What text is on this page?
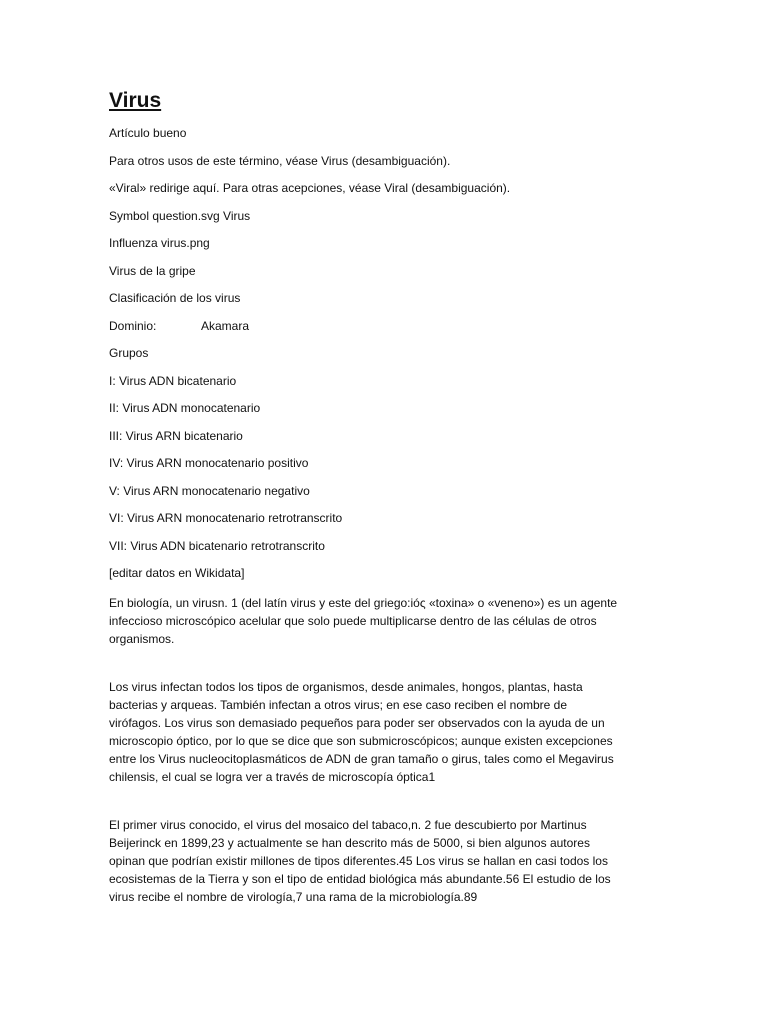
Virus
Artículo bueno
Para otros usos de este término, véase Virus (desambiguación).
«Viral» redirige aquí. Para otras acepciones, véase Viral (desambiguación).
Symbol question.svg Virus
Influenza virus.png
Virus de la gripe
Clasificación de los virus
Dominio:	Akamara
Grupos
I: Virus ADN bicatenario
II: Virus ADN monocatenario
III: Virus ARN bicatenario
IV: Virus ARN monocatenario positivo
V: Virus ARN monocatenario negativo
VI: Virus ARN monocatenario retrotranscrito
VII: Virus ADN bicatenario retrotranscrito
[editar datos en Wikidata]

En biología, un virusn. 1 (del latín virus y este del griego:ióς «toxina» o «veneno») es un agente
infeccioso microscópico acelular que solo puede multiplicarse dentro de las células de otros
organismos.

Los virus infectan todos los tipos de organismos, desde animales, hongos, plantas, hasta
bacterias y arqueas. También infectan a otros virus; en ese caso reciben el nombre de
virófagos. Los virus son demasiado pequeños para poder ser observados con la ayuda de un
microscopio óptico, por lo que se dice que son submicroscópicos; aunque existen excepciones
entre los Virus nucleocitoplasmáticos de ADN de gran tamaño o girus, tales como el Megavirus
chilensis, el cual se logra ver a través de microscopía óptica1

El primer virus conocido, el virus del mosaico del tabaco,n. 2 fue descubierto por Martinus
Beijerinck en 1899,23 y actualmente se han descrito más de 5000, si bien algunos autores
opinan que podrían existir millones de tipos diferentes.45 Los virus se hallan en casi todos los
ecosistemas de la Tierra y son el tipo de entidad biológica más abundante.56 El estudio de los
virus recibe el nombre de virología,7 una rama de la microbiología.89
